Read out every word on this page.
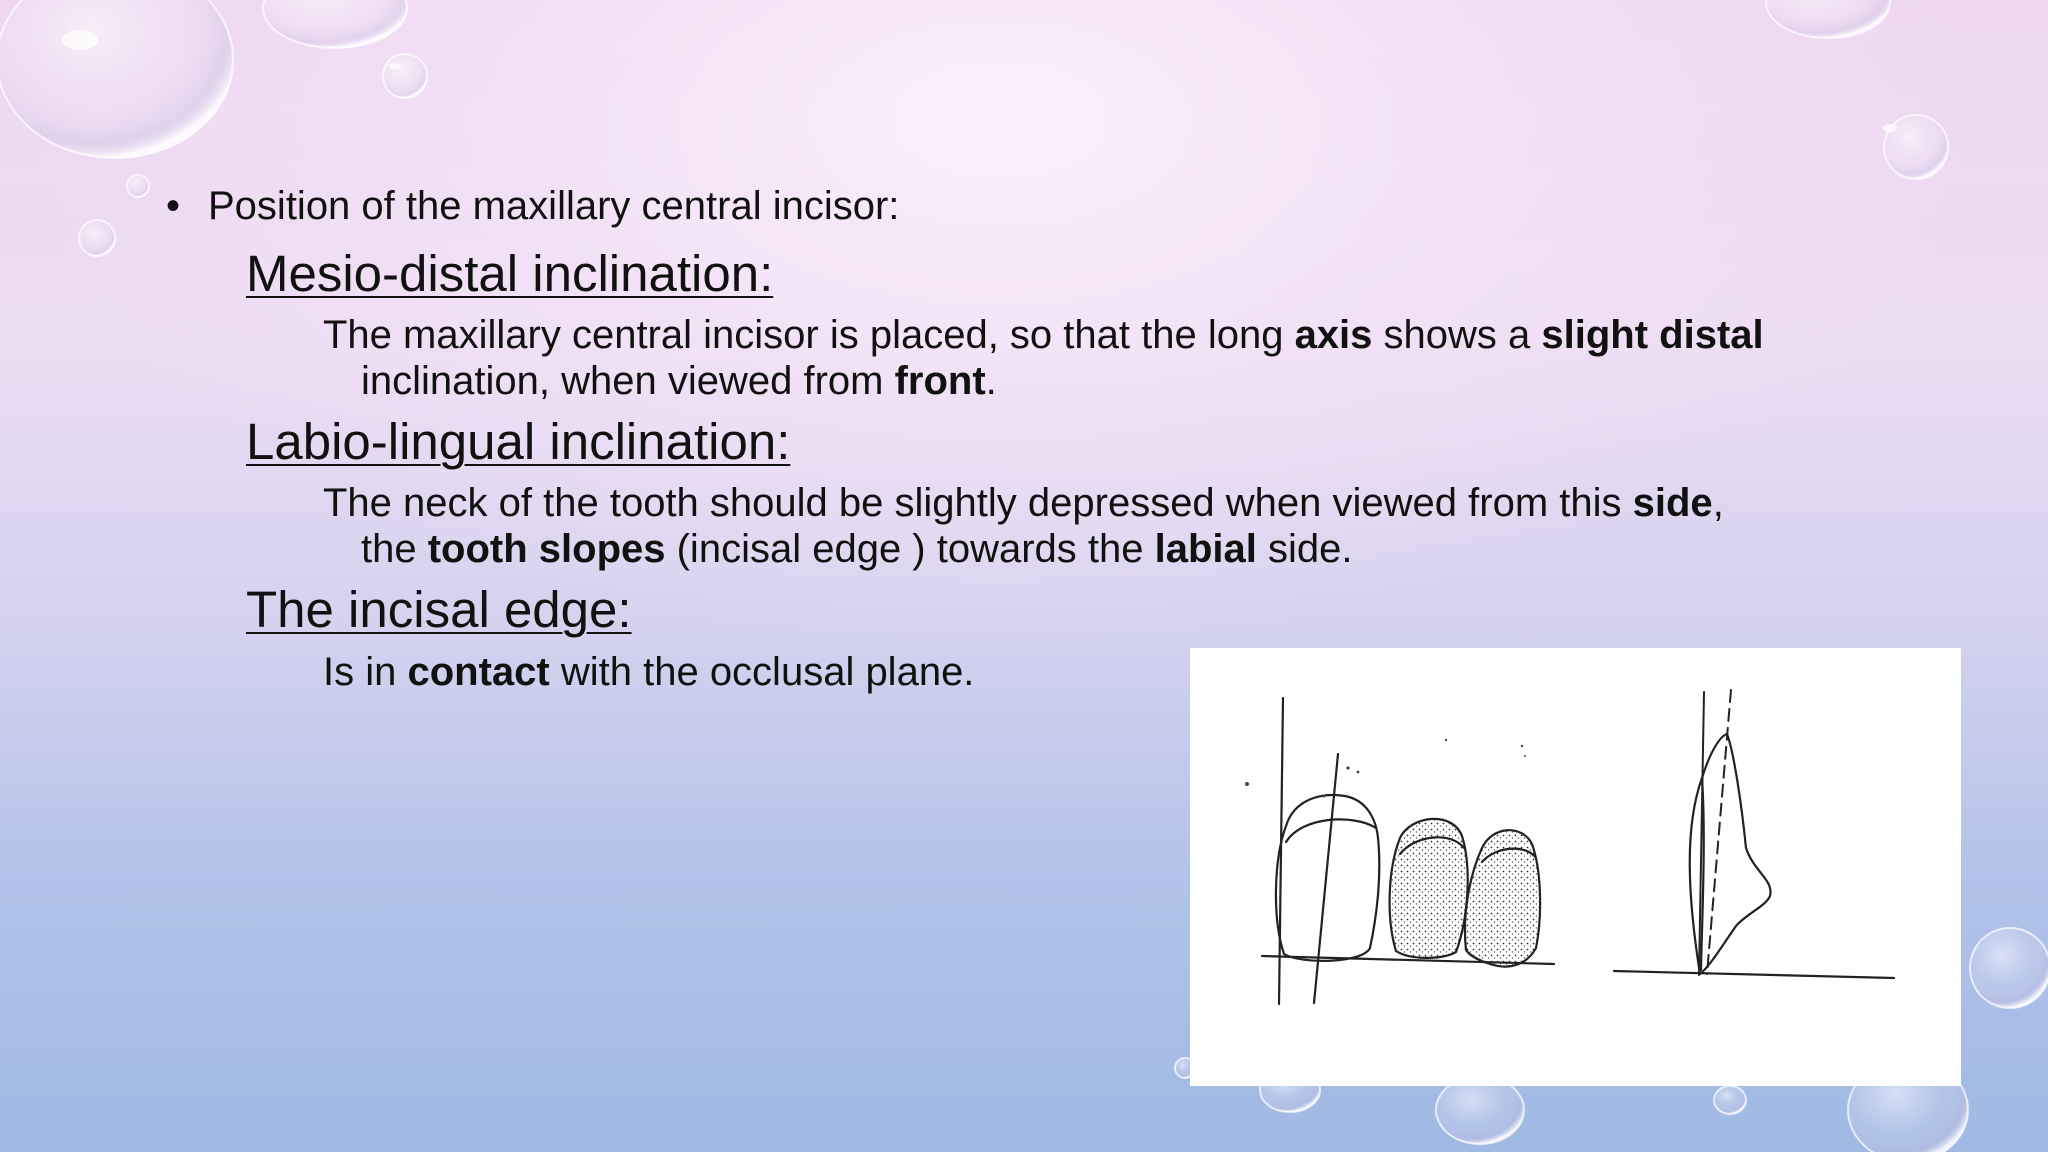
• Position of the maxillary central incisor:
Mesio-distal inclination:
The maxillary central incisor is placed, so that the long axis shows a slight distal
inclination, when viewed from front.
Labio-lingual inclination:
The neck of the tooth should be slightly depressed when viewed from this side,
the tooth slopes (incisal edge ) towards the labial side.
The incisal edge:
Is in contact with the occlusal plane.
